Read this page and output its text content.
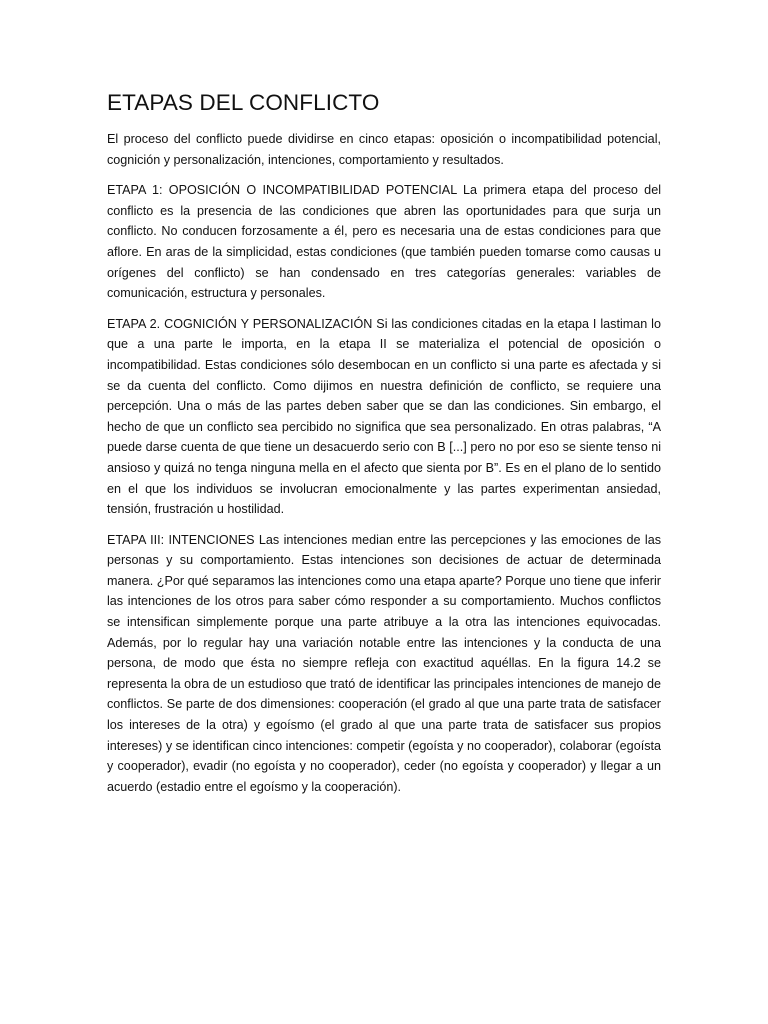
ETAPAS DEL CONFLICTO

El proceso del conflicto puede dividirse en cinco etapas: oposición o incompatibilidad potencial, cognición y personalización, intenciones, comportamiento y resultados.

ETAPA 1: OPOSICIÓN O INCOMPATIBILIDAD POTENCIAL La primera etapa del proceso del conflicto es la presencia de las condiciones que abren las oportunidades para que surja un conflicto. No conducen forzosamente a él, pero es necesaria una de estas condiciones para que aflore. En aras de la simplicidad, estas condiciones (que también pueden tomarse como causas u orígenes del conflicto) se han condensado en tres categorías generales: variables de comunicación, estructura y personales.

ETAPA 2. COGNICIÓN Y PERSONALIZACIÓN Si las condiciones citadas en la etapa I lastiman lo que a una parte le importa, en la etapa II se materializa el potencial de oposición o incompatibilidad. Estas condiciones sólo desembocan en un conflicto si una parte es afectada y si se da cuenta del conflicto. Como dijimos en nuestra definición de conflicto, se requiere una percepción. Una o más de las partes deben saber que se dan las condiciones. Sin embargo, el hecho de que un conflicto sea percibido no significa que sea personalizado. En otras palabras, “A puede darse cuenta de que tiene un desacuerdo serio con B [...] pero no por eso se siente tenso ni ansioso y quizá no tenga ninguna mella en el afecto que sienta por B”. Es en el plano de lo sentido en el que los individuos se involucran emocionalmente y las partes experimentan ansiedad, tensión, frustración u hostilidad.

ETAPA III: INTENCIONES Las intenciones median entre las percepciones y las emociones de las personas y su comportamiento. Estas intenciones son decisiones de actuar de determinada manera. ¿Por qué separamos las intenciones como una etapa aparte? Porque uno tiene que inferir las intenciones de los otros para saber cómo responder a su comportamiento. Muchos conflictos se intensifican simplemente porque una parte atribuye a la otra las intenciones equivocadas. Además, por lo regular hay una variación notable entre las intenciones y la conducta de una persona, de modo que ésta no siempre refleja con exactitud aquéllas. En la figura 14.2 se representa la obra de un estudioso que trató de identificar las principales intenciones de manejo de conflictos. Se parte de dos dimensiones: cooperación (el grado al que una parte trata de satisfacer los intereses de la otra) y egoísmo (el grado al que una parte trata de satisfacer sus propios intereses) y se identifican cinco intenciones: competir (egoísta y no cooperador), colaborar (egoísta y cooperador), evadir (no egoísta y no cooperador), ceder (no egoísta y cooperador) y llegar a un acuerdo (estadio entre el egoísmo y la cooperación).
